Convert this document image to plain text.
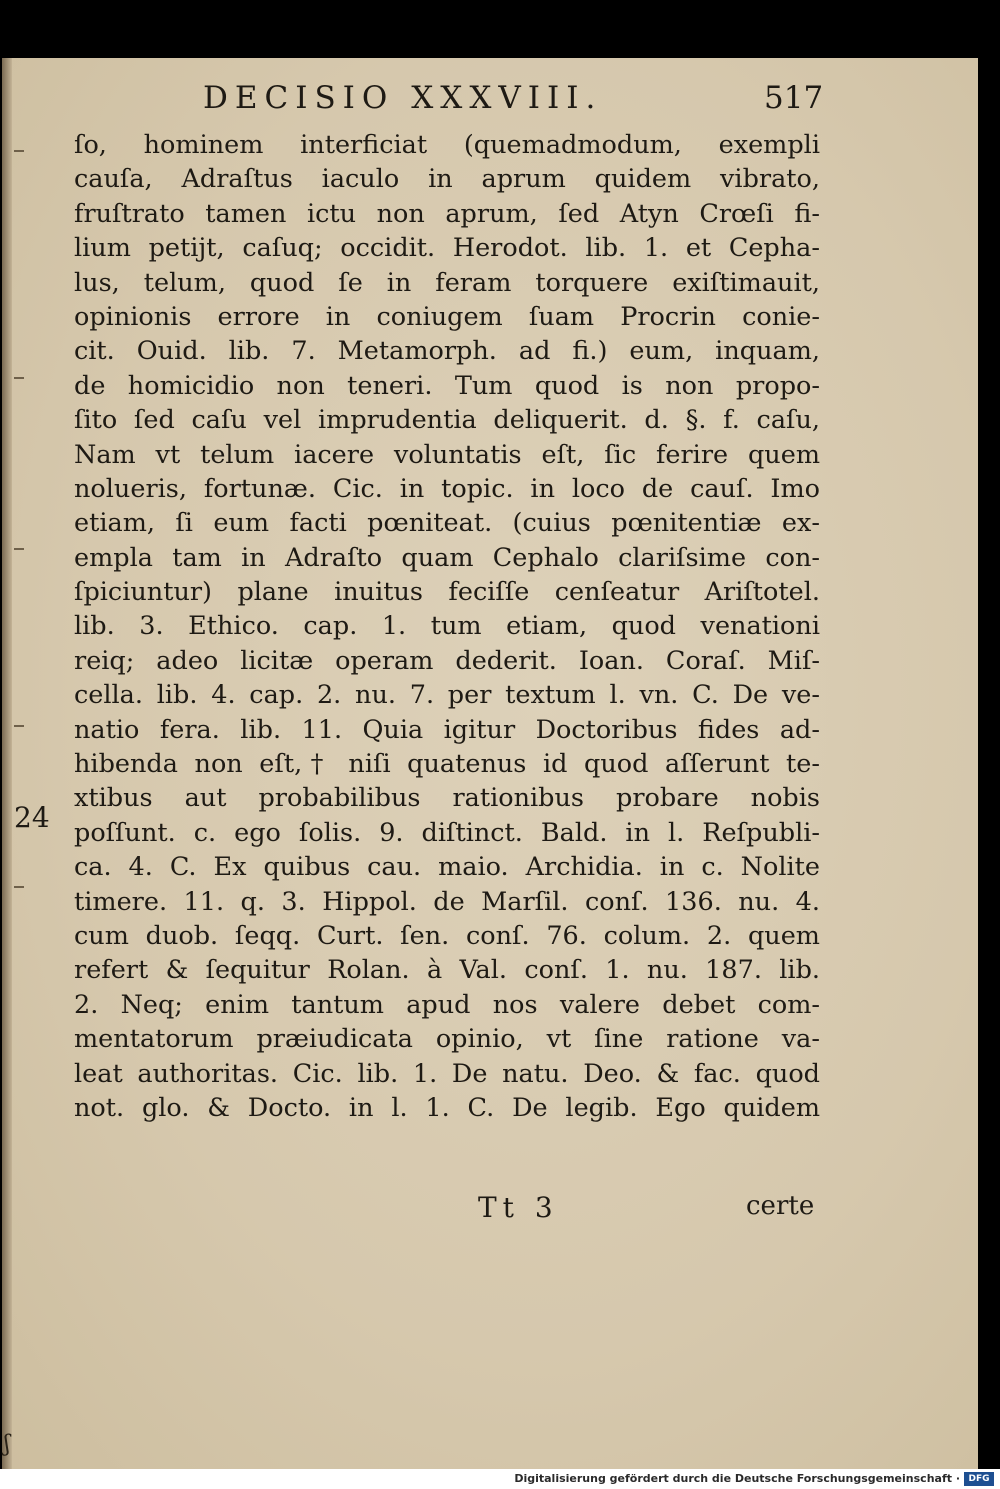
DECISIO XXXVIII.	517
24
ſo, hominem interficiat (quemadmodum, exempli
cauſa, Adraſtus iaculo in aprum quidem vibrato,
fruſtrato tamen ictu non aprum, ſed Atyn Crœſi fi‑
lium petijt, caſuq; occidit. Herodot. lib. 1. et Cepha‑
lus, telum, quod ſe in feram torquere exiſtimauit,
opinionis errore in coniugem ſuam Procrin conie‑
cit. Ouid. lib. 7. Metamorph. ad fi.) eum, inquam,
de homicidio non teneri. Tum quod is non propo‑
ſito ſed caſu vel imprudentia deliquerit. d. §. f. caſu,
Nam vt telum iacere voluntatis eſt, ſic ferire quem
nolueris, fortunæ. Cic. in topic. in loco de cauſ. Imo
etiam, ſi eum facti pœniteat. (cuius pœnitentiæ ex‑
empla tam in Adraſto quam Cephalo clariſsime con‑
ſpiciuntur) plane inuitus feciſſe cenſeatur Ariſtotel.
lib. 3. Ethico. cap. 1. tum etiam, quod venationi
reiq; adeo licitæ operam dederit. Ioan. Coraſ. Miſ‑
cella. lib. 4. cap. 2. nu. 7. per textum l. vn. C. De ve‑
natio fera. lib. 11. Quia igitur Doctoribus fides ad‑
hibenda non eſt,† niſi quatenus id quod aſſerunt te‑
xtibus aut probabilibus rationibus probare nobis
poſſunt. c. ego ſolis. 9. diſtinct. Bald. in l. Reſpubli‑
ca. 4. C. Ex quibus cau. maio. Archidia. in c. Nolite
timere. 11. q. 3. Hippol. de Marſil. conſ. 136. nu. 4.
cum duob. ſeqq. Curt. ſen. conſ. 76. colum. 2. quem
refert & ſequitur Rolan. à Val. conſ. 1. nu. 187. lib.
2. Neq; enim tantum apud nos valere debet com‑
mentatorum præiudicata opinio, vt ſine ratione va‑
leat authoritas. Cic. lib. 1. De natu. Deo. & fac. quod
not. glo. & Docto. in l. 1. C. De legib. Ego quidem
Tt 3	certe
ʃ
Digitalisierung gefördert durch die Deutsche Forschungsgemeinschaft · DFG
